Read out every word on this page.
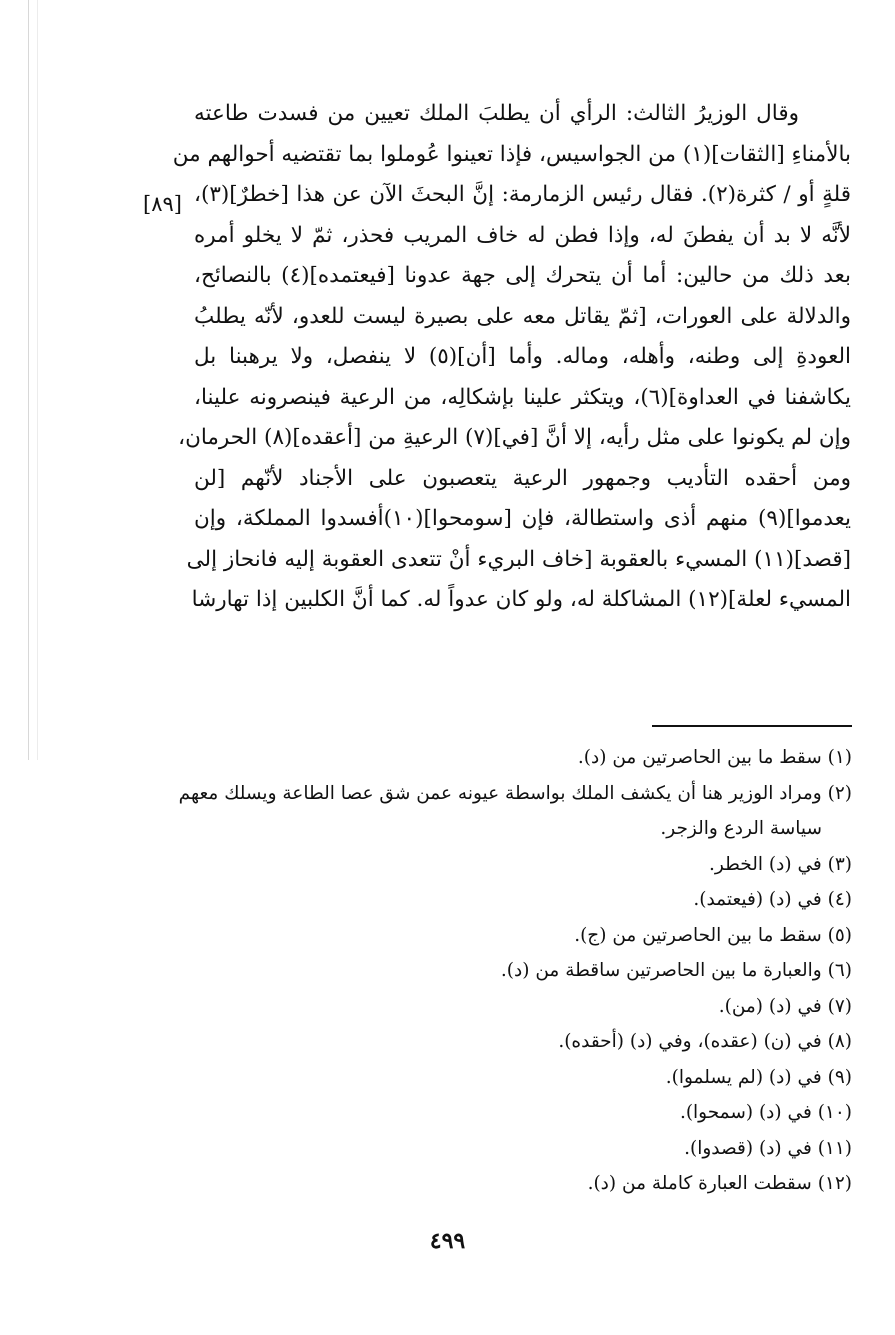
[٨٩]
وقال الوزيرُ الثالث: الرأي أن يطلبَ الملك تعيين من فسدت طاعته
بالأمناءِ [الثقات](١) من الجواسيس، فإذا تعينوا عُوملوا بما تقتضيه أحوالهم من
قلةٍ أو / كثرة(٢). فقال رئيس الزمارمة: إنَّ البحثَ الآن عن هذا [خطرٌ](٣)،
لأنَّه لا بد أن يفطنَ له، وإذا فطن له خاف المريب فحذر، ثمّ لا يخلو أمره
بعد ذلك من حالين: أما أن يتحرك إلى جهة عدونا [فيعتمده](٤) بالنصائح،
والدلالة على العورات، [ثمّ يقاتل معه على بصيرة ليست للعدو، لأنّه يطلبُ
العودةِ إلى وطنه، وأهله، وماله. وأما [أن](٥) لا ينفصل، ولا يرهبنا بل
يكاشفنا في العداوة](٦)، ويتكثر علينا بإشكالِه، من الرعية فينصرونه علينا،
وإن لم يكونوا على مثل رأيه، إلا أنَّ [في](٧) الرعيةِ من [أعقده](٨) الحرمان،
ومن أحقده التأديب وجمهور الرعية يتعصبون على الأجناد لأنّهم [لن
يعدموا](٩) منهم أذى واستطالة، فإن [سومحوا](١٠)أفسدوا المملكة، وإن
[قصد](١١) المسيء بالعقوبة [خاف البريء أنْ تتعدى العقوبة إليه فانحاز إلى
المسيء لعلة](١٢) المشاكلة له، ولو كان عدواً له. كما أنَّ الكلبين إذا تهارشا
(١) سقط ما بين الحاصرتين من (د).
(٢) ومراد الوزير هنا أن يكشف الملك بواسطة عيونه عمن شق عصا الطاعة ويسلك معهم
سياسة الردع والزجر.
(٣) في (د) الخطر.
(٤) في (د) (فيعتمد).
(٥) سقط ما بين الحاصرتين من (ج).
(٦) والعبارة ما بين الحاصرتين ساقطة من (د).
(٧) في (د) (من).
(٨) في (ن) (عقده)، وفي (د) (أحقده).
(٩) في (د) (لم يسلموا).
(١٠) في (د) (سمحوا).
(١١) في (د) (قصدوا).
(١٢) سقطت العبارة كاملة من (د).
٤٩٩
